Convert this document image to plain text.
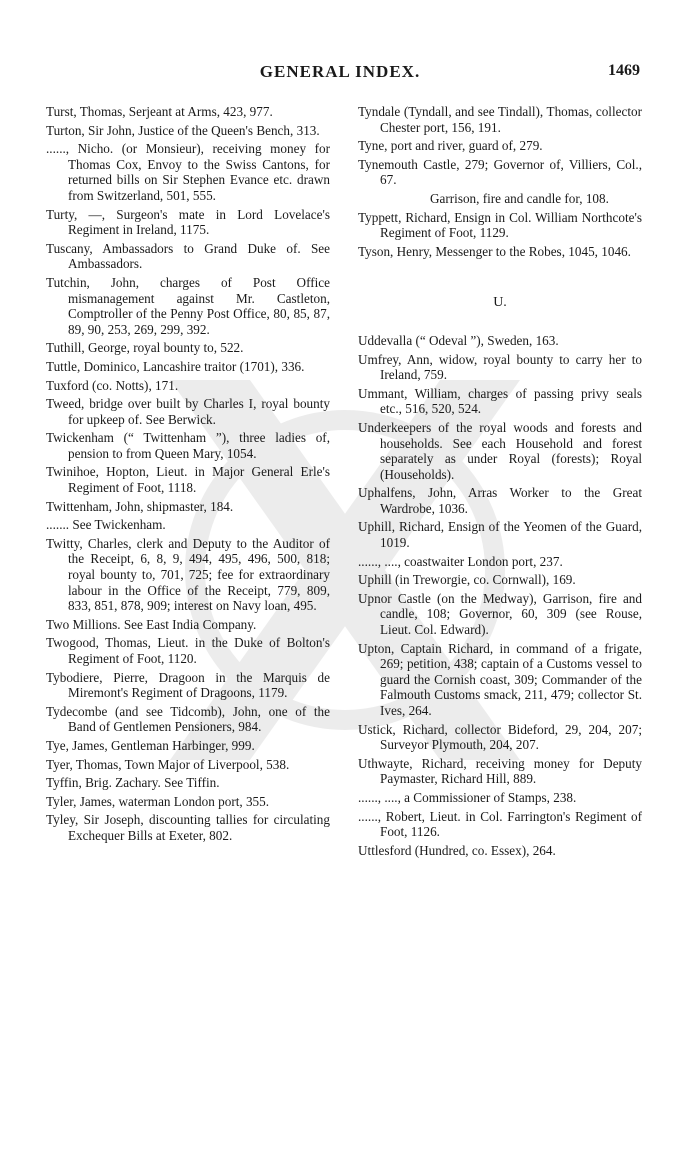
GENERAL INDEX.	1469
Turst, Thomas, Serjeant at Arms, 423, 977.
Turton, Sir John, Justice of the Queen's Bench, 313.
......, Nicho. (or Monsieur), receiving money for Thomas Cox, Envoy to the Swiss Cantons, for returned bills on Sir Stephen Evance etc. drawn from Switzerland, 501, 555.
Turty, —, Surgeon's mate in Lord Lovelace's Regiment in Ireland, 1175.
Tuscany, Ambassadors to Grand Duke of. See Ambassadors.
Tutchin, John, charges of Post Office mismanagement against Mr. Castleton, Comptroller of the Penny Post Office, 80, 85, 87, 89, 90, 253, 269, 299, 392.
Tuthill, George, royal bounty to, 522.
Tuttle, Dominico, Lancashire traitor (1701), 336.
Tuxford (co. Notts), 171.
Tweed, bridge over built by Charles I, royal bounty for upkeep of. See Berwick.
Twickenham (“ Twittenham ”), three ladies of, pension to from Queen Mary, 1054.
Twinihoe, Hopton, Lieut. in Major General Erle's Regiment of Foot, 1118.
Twittenham, John, shipmaster, 184.
....... See Twickenham.
Twitty, Charles, clerk and Deputy to the Auditor of the Receipt, 6, 8, 9, 494, 495, 496, 500, 818; royal bounty to, 701, 725; fee for extraordinary labour in the Office of the Receipt, 779, 809, 833, 851, 878, 909; interest on Navy loan, 495.
Two Millions. See East India Company.
Twogood, Thomas, Lieut. in the Duke of Bolton's Regiment of Foot, 1120.
Tybodiere, Pierre, Dragoon in the Marquis de Miremont's Regiment of Dragoons, 1179.
Tydecombe (and see Tidcomb), John, one of the Band of Gentlemen Pensioners, 984.
Tye, James, Gentleman Harbinger, 999.
Tyer, Thomas, Town Major of Liverpool, 538.
Tyffin, Brig. Zachary. See Tiffin.
Tyler, James, waterman London port, 355.
Tyley, Sir Joseph, discounting tallies for circulating Exchequer Bills at Exeter, 802.
Tyndale (Tyndall, and see Tindall), Thomas, collector Chester port, 156, 191.
Tyne, port and river, guard of, 279.
Tynemouth Castle, 279; Governor of, Villiers, Col., 67.
Garrison, fire and candle for, 108.
Typpett, Richard, Ensign in Col. William Northcote's Regiment of Foot, 1129.
Tyson, Henry, Messenger to the Robes, 1045, 1046.
U.
Uddevalla (“ Odeval ”), Sweden, 163.
Umfrey, Ann, widow, royal bounty to carry her to Ireland, 759.
Ummant, William, charges of passing privy seals etc., 516, 520, 524.
Underkeepers of the royal woods and forests and households. See each Household and forest separately as under Royal (forests); Royal (Households).
Uphalfens, John, Arras Worker to the Great Wardrobe, 1036.
Uphill, Richard, Ensign of the Yeomen of the Guard, 1019.
......, ...., coastwaiter London port, 237.
Uphill (in Treworgie, co. Cornwall), 169.
Upnor Castle (on the Medway), Garrison, fire and candle, 108; Governor, 60, 309 (see Rouse, Lieut. Col. Edward).
Upton, Captain Richard, in command of a frigate, 269; petition, 438; captain of a Customs vessel to guard the Cornish coast, 309; Commander of the Falmouth Customs smack, 211, 479; collector St. Ives, 264.
Ustick, Richard, collector Bideford, 29, 204, 207; Surveyor Plymouth, 204, 207.
Uthwayte, Richard, receiving money for Deputy Paymaster, Richard Hill, 889.
......, ...., a Commissioner of Stamps, 238.
......, Robert, Lieut. in Col. Farrington's Regiment of Foot, 1126.
Uttlesford (Hundred, co. Essex), 264.
